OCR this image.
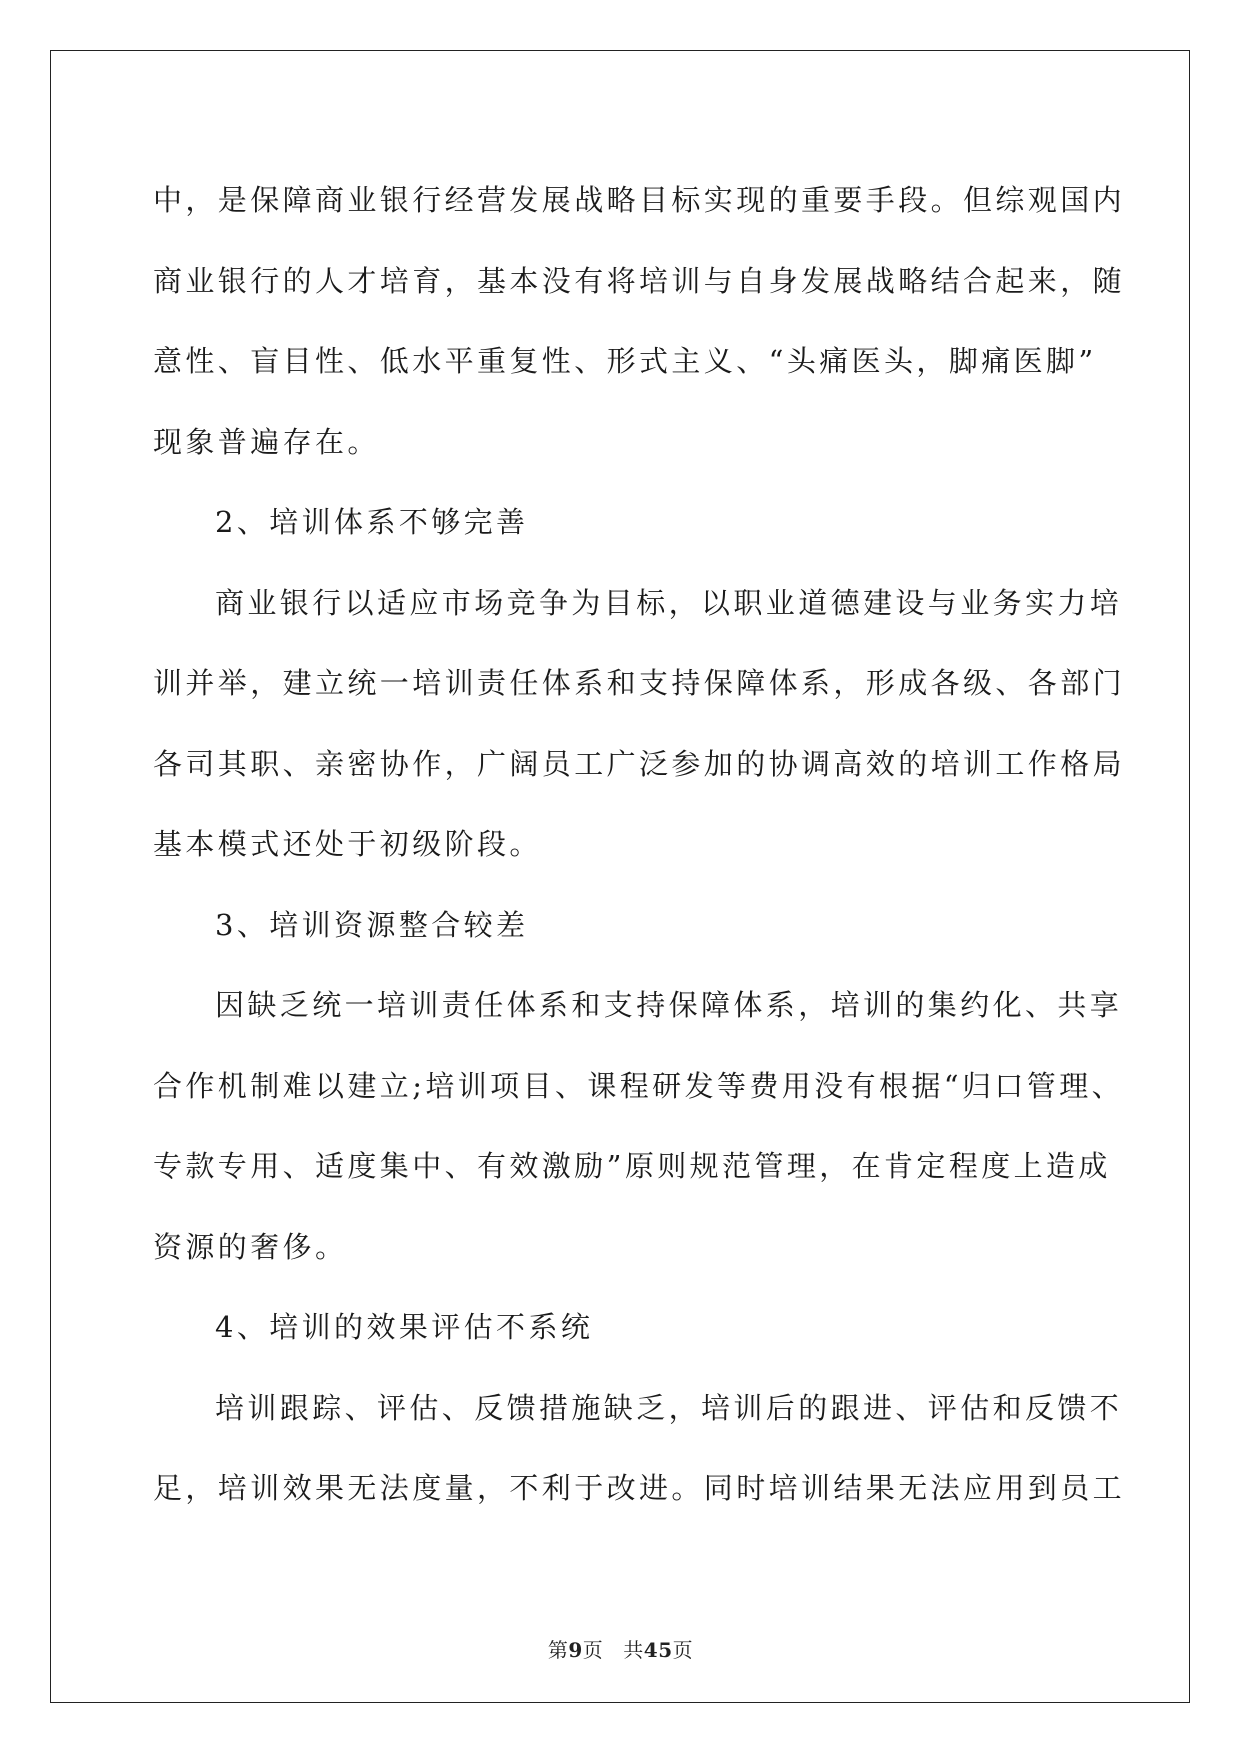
中，是保障商业银行经营发展战略目标实现的重要手段。但综观国内
商业银行的人才培育，基本没有将培训与自身发展战略结合起来，随
意性、盲目性、低水平重复性、形式主义、“头痛医头，脚痛医脚”
现象普遍存在。

2、培训体系不够完善

商业银行以适应市场竞争为目标，以职业道德建设与业务实力培
训并举，建立统一培训责任体系和支持保障体系，形成各级、各部门
各司其职、亲密协作，广阔员工广泛参加的协调高效的培训工作格局
基本模式还处于初级阶段。

3、培训资源整合较差

因缺乏统一培训责任体系和支持保障体系，培训的集约化、共享
合作机制难以建立;培训项目、课程研发等费用没有根据“归口管理、
专款专用、适度集中、有效激励”原则规范管理，在肯定程度上造成
资源的奢侈。

4、培训的效果评估不系统

培训跟踪、评估、反馈措施缺乏，培训后的跟进、评估和反馈不
足，培训效果无法度量，不利于改进。同时培训结果无法应用到员工

第9页 共45页
